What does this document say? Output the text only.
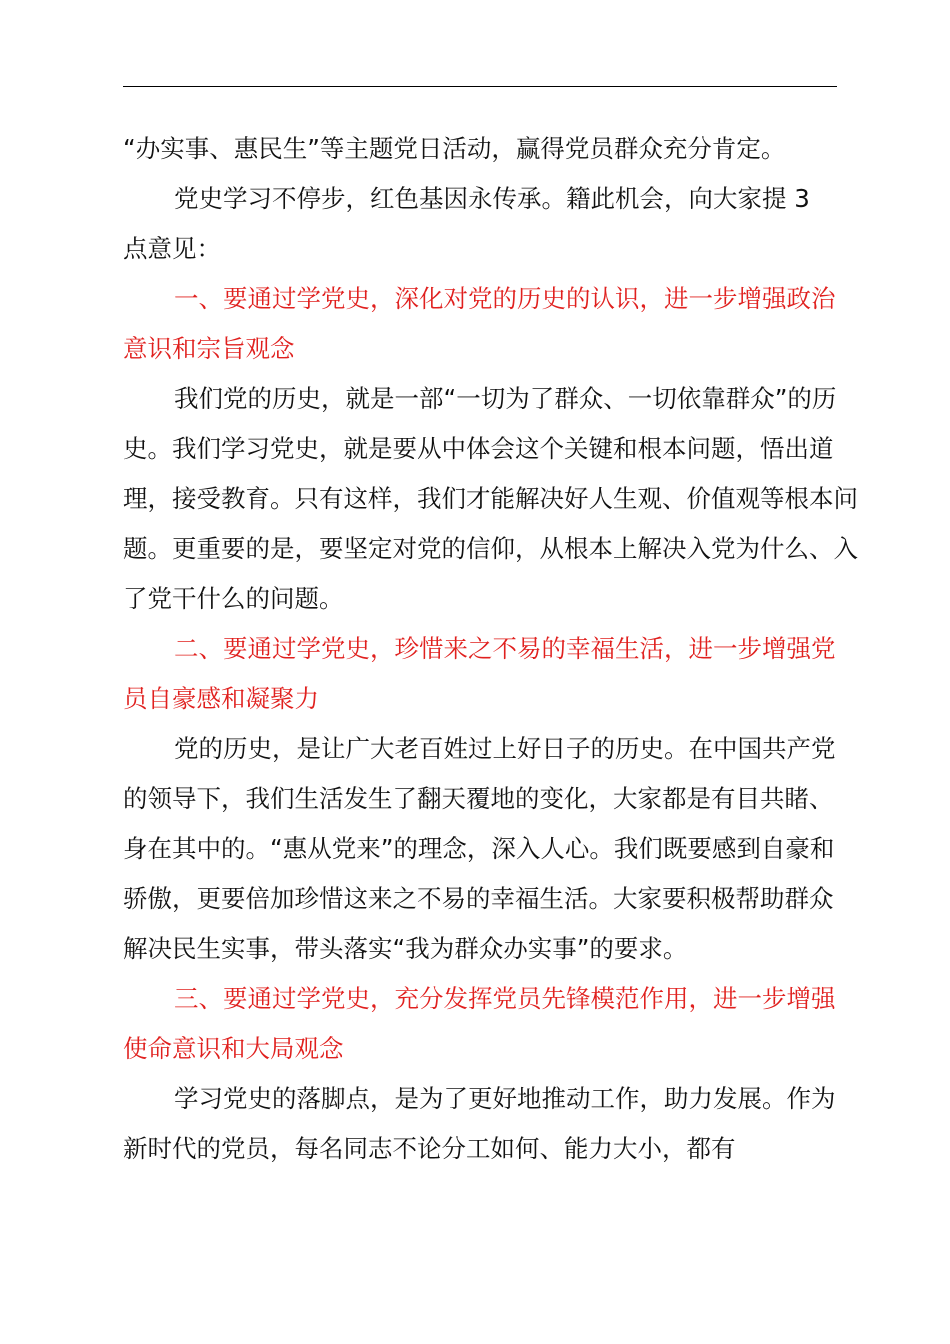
“办实事、惠民生”等主题党日活动，赢得党员群众充分肯定。

党史学习不停步，红色基因永传承。籍此机会，向大家提 3 点意见：

一、要通过学党史，深化对党的历史的认识，进一步增强政治意识和宗旨观念

我们党的历史，就是一部“一切为了群众、一切依靠群众”的历史。我们学习党史，就是要从中体会这个关键和根本问题，悟出道理，接受教育。只有这样，我们才能解决好人生观、价值观等根本问题。更重要的是，要坚定对党的信仰，从根本上解决入党为什么、入了党干什么的问题。

二、要通过学党史，珍惜来之不易的幸福生活，进一步增强党员自豪感和凝聚力

党的历史，是让广大老百姓过上好日子的历史。在中国共产党的领导下，我们生活发生了翻天覆地的变化，大家都是有目共睹、身在其中的。“惠从党来”的理念，深入人心。我们既要感到自豪和骄傲，更要倍加珍惜这来之不易的幸福生活。大家要积极帮助群众解决民生实事，带头落实“我为群众办实事”的要求。

三、要通过学党史，充分发挥党员先锋模范作用，进一步增强使命意识和大局观念

学习党史的落脚点，是为了更好地推动工作，助力发展。作为新时代的党员，每名同志不论分工如何、能力大小，都有
